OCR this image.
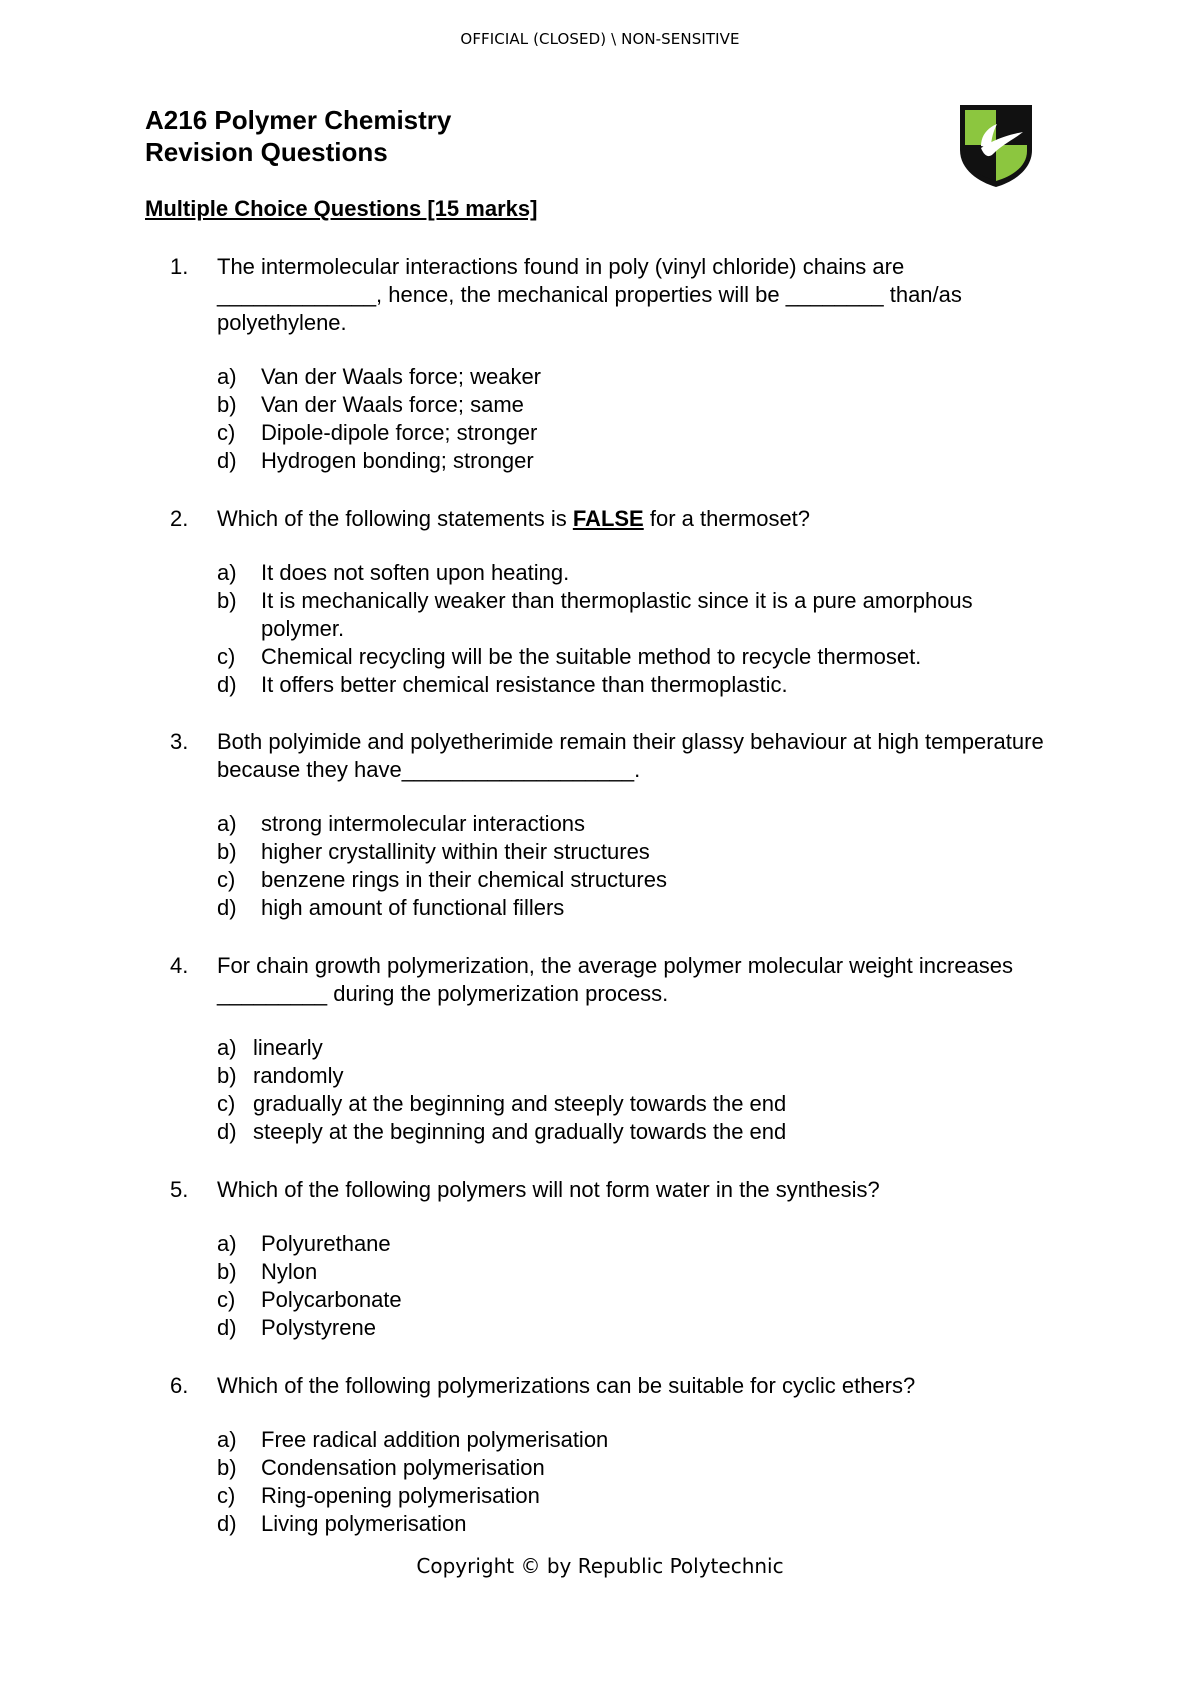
OFFICIAL (CLOSED) \ NON-SENSITIVE
A216 Polymer Chemistry
Revision Questions
Multiple Choice Questions [15 marks]
1.	The intermolecular interactions found in poly (vinyl chloride) chains are _____________, hence, the mechanical properties will be ________ than/as polyethylene.
a) Van der Waals force; weaker
b) Van der Waals force; same
c) Dipole-dipole force; stronger
d) Hydrogen bonding; stronger
2.	Which of the following statements is FALSE for a thermoset?
a) It does not soften upon heating.
b) It is mechanically weaker than thermoplastic since it is a pure amorphous polymer.
c) Chemical recycling will be the suitable method to recycle thermoset.
d) It offers better chemical resistance than thermoplastic.
3.	Both polyimide and polyetherimide remain their glassy behaviour at high temperature because they have___________________.
a) strong intermolecular interactions
b) higher crystallinity within their structures
c) benzene rings in their chemical structures
d) high amount of functional fillers
4.	For chain growth polymerization, the average polymer molecular weight increases _________ during the polymerization process.
a) linearly
b) randomly
c) gradually at the beginning and steeply towards the end
d) steeply at the beginning and gradually towards the end
5.	Which of the following polymers will not form water in the synthesis?
a) Polyurethane
b) Nylon
c) Polycarbonate
d) Polystyrene
6.	Which of the following polymerizations can be suitable for cyclic ethers?
a) Free radical addition polymerisation
b) Condensation polymerisation
c) Ring-opening polymerisation
d) Living polymerisation
Copyright © by Republic Polytechnic
